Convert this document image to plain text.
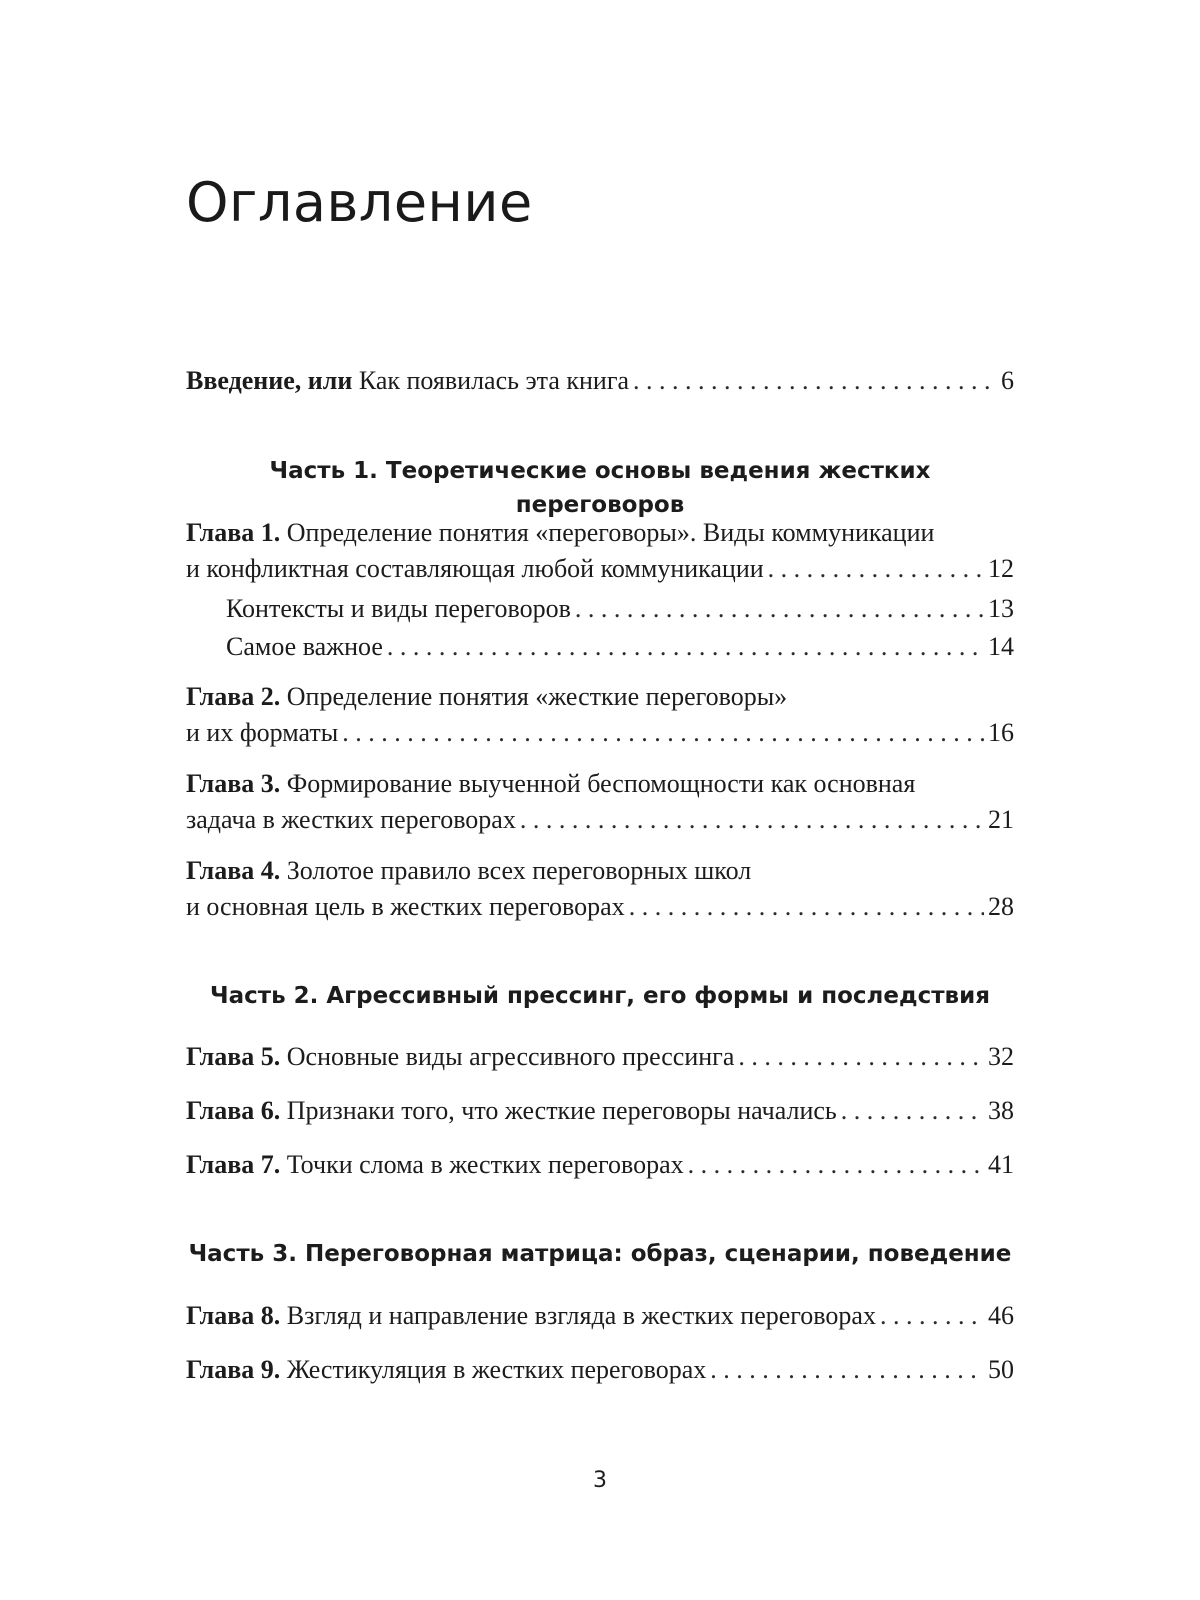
Оглавление
Введение, или Как появилась эта книга . . .	6
Часть 1. Теоретические основы ведения жестких переговоров
Глава 1. Определение понятия «переговоры». Виды коммуникации
и конфликтная составляющая любой коммуникации . . .	12
Контексты и виды переговоров . . .	13
Самое важное . . .	14
Глава 2. Определение понятия «жесткие переговоры»
и их форматы . . .	16
Глава 3. Формирование выученной беспомощности как основная
задача в жестких переговорах . . .	21
Глава 4. Золотое правило всех переговорных школ
и основная цель в жестких переговорах . . .	28
Часть 2. Агрессивный прессинг, его формы и последствия
Глава 5. Основные виды агрессивного прессинга . . .	32
Глава 6. Признаки того, что жесткие переговоры начались . . .	38
Глава 7. Точки слома в жестких переговорах . . .	41
Часть 3. Переговорная матрица: образ, сценарии, поведение
Глава 8. Взгляд и направление взгляда в жестких переговорах . . .	46
Глава 9. Жестикуляция в жестких переговорах . . .	50
3
